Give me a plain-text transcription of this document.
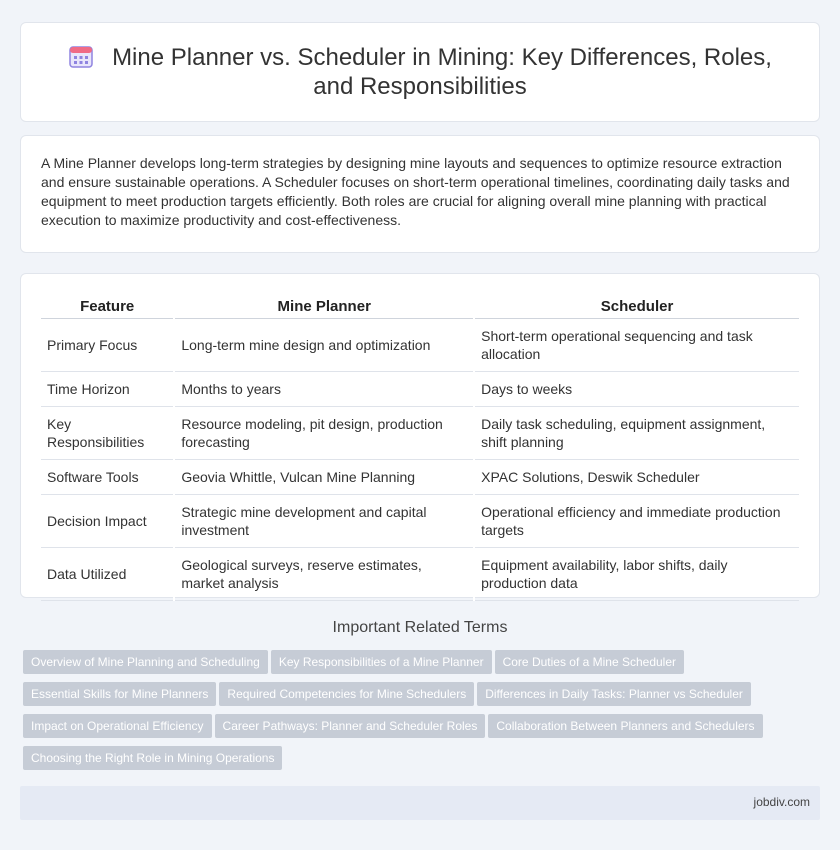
Mine Planner vs. Scheduler in Mining: Key Differences, Roles, and Responsibilities

A Mine Planner develops long-term strategies by designing mine layouts and sequences to optimize resource extraction and ensure sustainable operations. A Scheduler focuses on short-term operational timelines, coordinating daily tasks and equipment to meet production targets efficiently. Both roles are crucial for aligning overall mine planning with practical execution to maximize productivity and cost-effectiveness.

Feature	Mine Planner	Scheduler
Primary Focus	Long-term mine design and optimization	Short-term operational sequencing and task allocation
Time Horizon	Months to years	Days to weeks
Key Responsibilities	Resource modeling, pit design, production forecasting	Daily task scheduling, equipment assignment, shift planning
Software Tools	Geovia Whittle, Vulcan Mine Planning	XPAC Solutions, Deswik Scheduler
Decision Impact	Strategic mine development and capital investment	Operational efficiency and immediate production targets
Data Utilized	Geological surveys, reserve estimates, market analysis	Equipment availability, labor shifts, daily production data
Important Related Terms
Overview of Mine Planning and Scheduling Key Responsibilities of a Mine Planner Core Duties of a Mine Scheduler
Essential Skills for Mine Planners Required Competencies for Mine Schedulers Differences in Daily Tasks: Planner vs Scheduler
Impact on Operational Efficiency Career Pathways: Planner and Scheduler Roles Collaboration Between Planners and Schedulers
Choosing the Right Role in Mining Operations
jobdiv.com
